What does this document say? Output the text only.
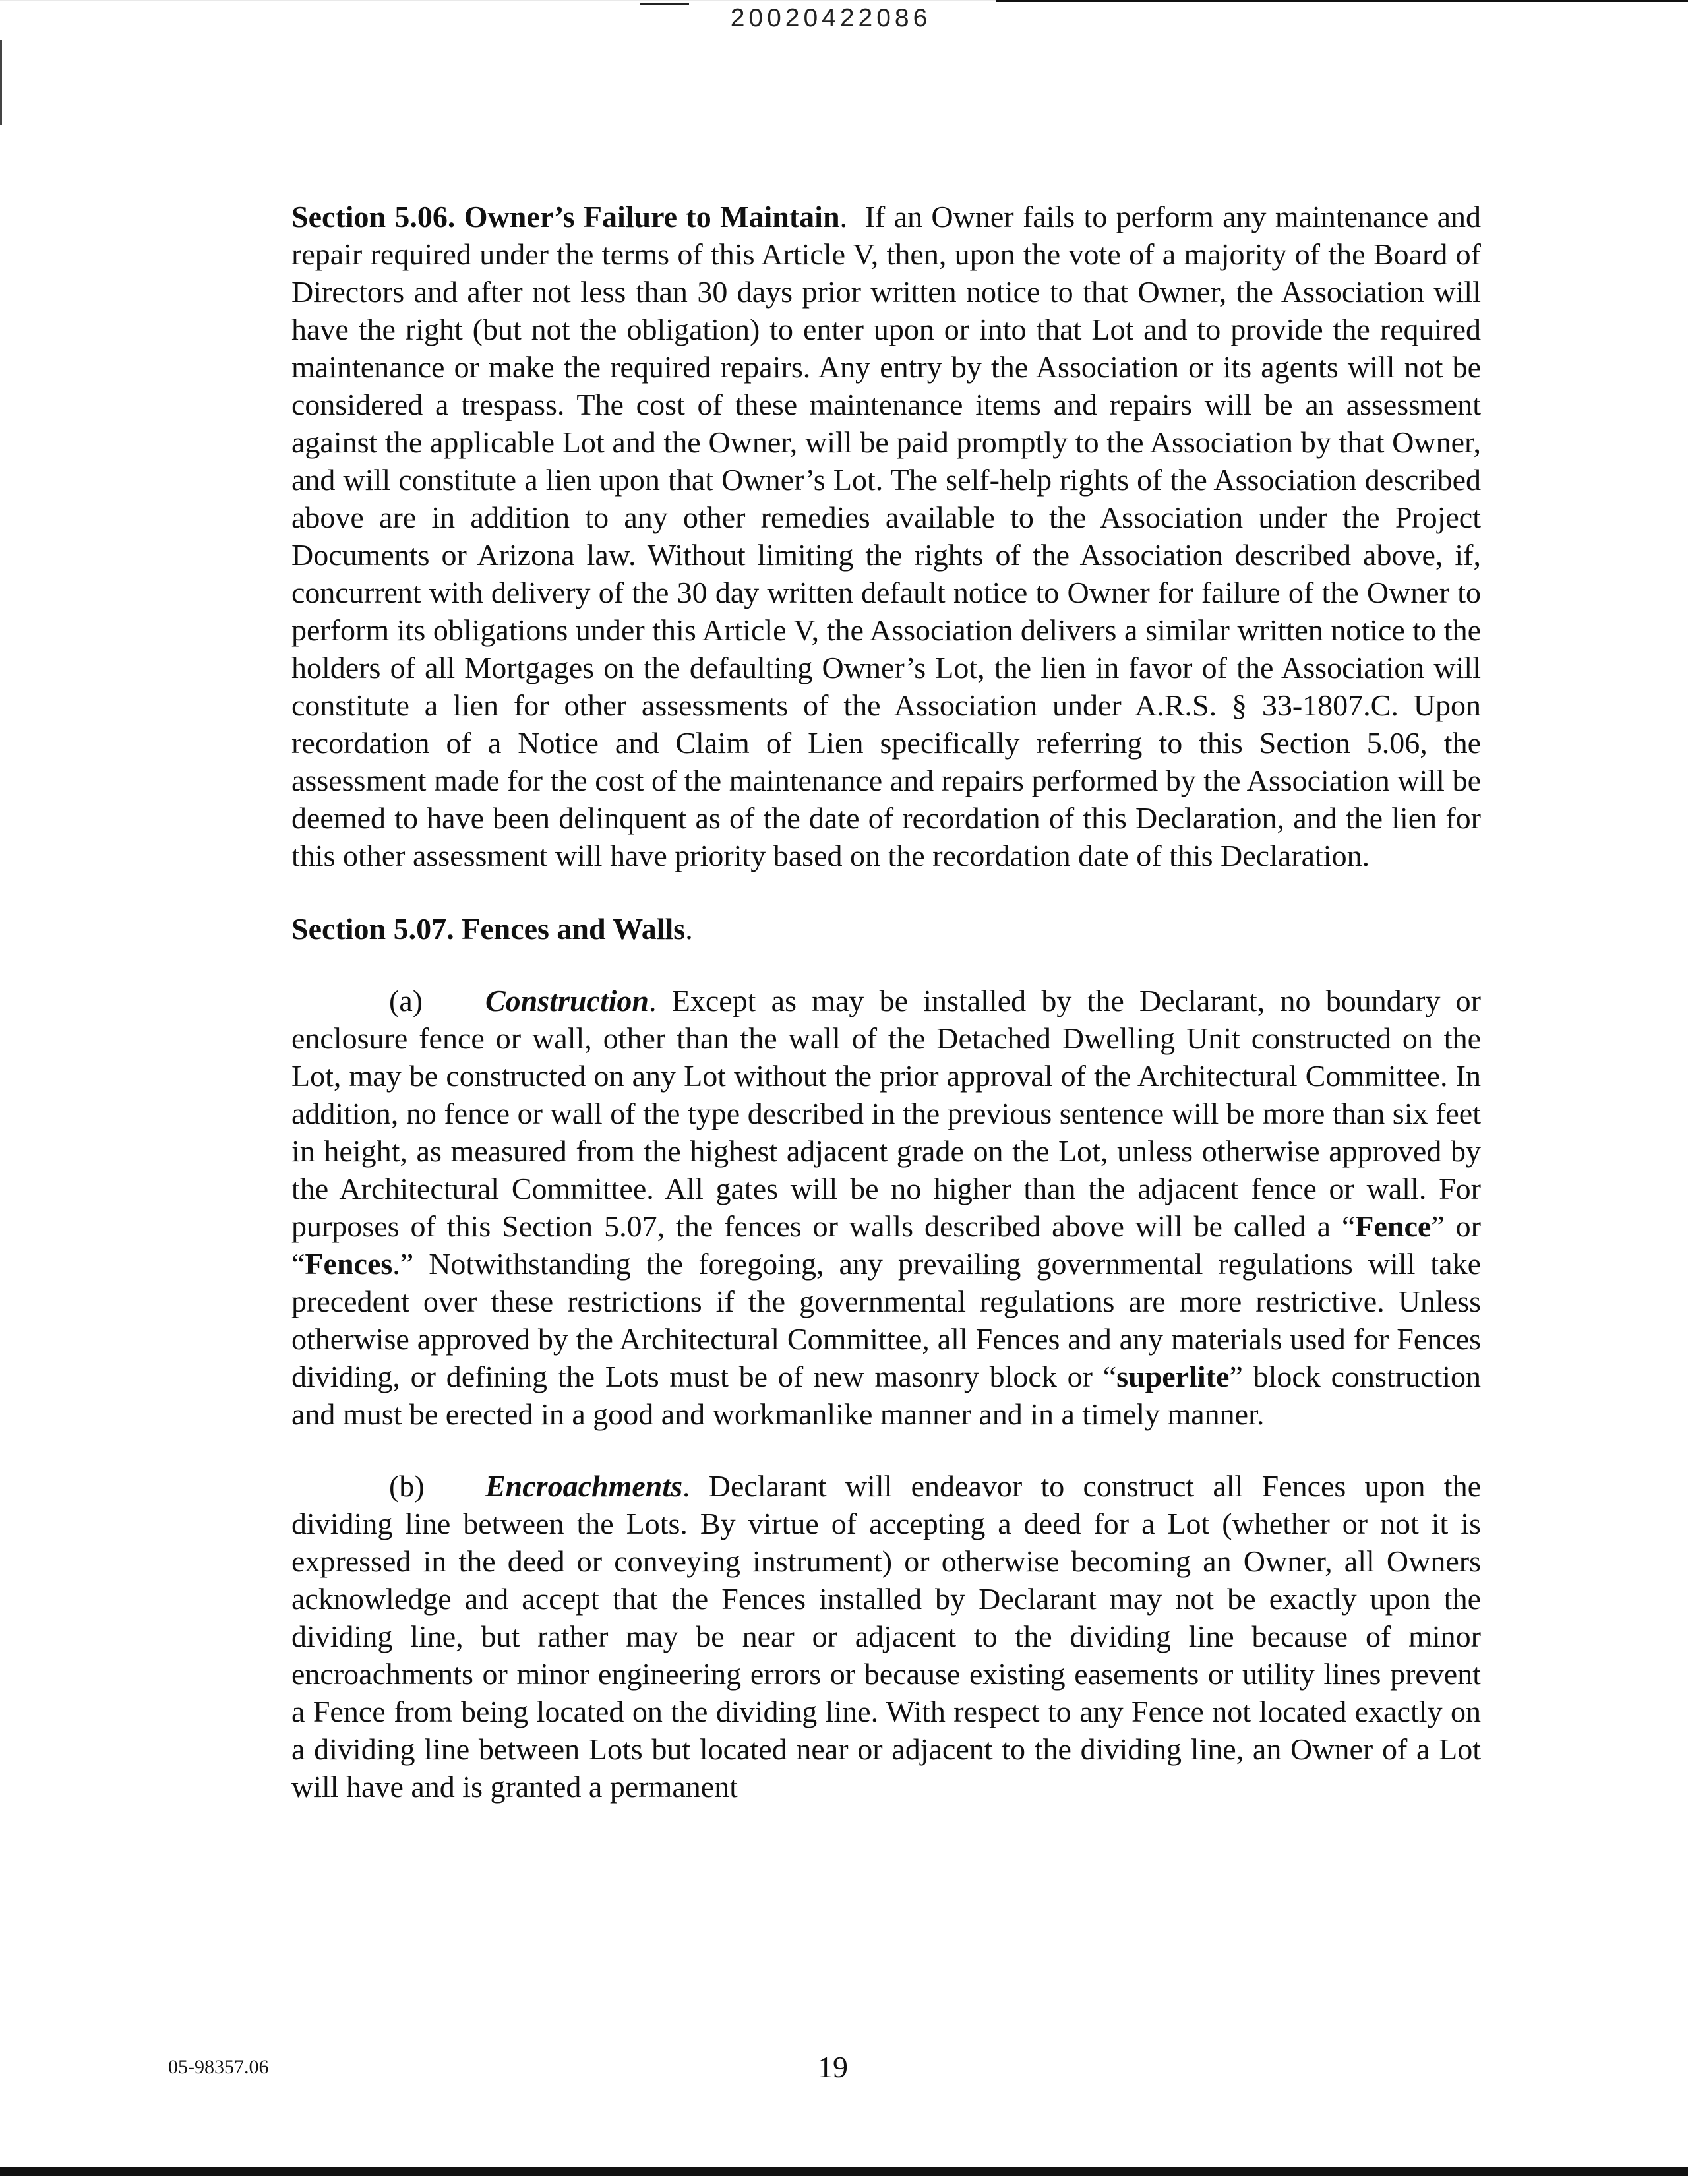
20020422086

Section 5.06. Owner’s Failure to Maintain. If an Owner fails to perform any maintenance and repair required under the terms of this Article V, then, upon the vote of a majority of the Board of Directors and after not less than 30 days prior written notice to that Owner, the Association will have the right (but not the obligation) to enter upon or into that Lot and to provide the required maintenance or make the required repairs. Any entry by the Association or its agents will not be considered a trespass. The cost of these maintenance items and repairs will be an assessment against the applicable Lot and the Owner, will be paid promptly to the Association by that Owner, and will constitute a lien upon that Owner’s Lot. The self-help rights of the Association described above are in addition to any other remedies available to the Association under the Project Documents or Arizona law. Without limiting the rights of the Association described above, if, concurrent with delivery of the 30 day written default notice to Owner for failure of the Owner to perform its obligations under this Article V, the Association delivers a similar written notice to the holders of all Mortgages on the defaulting Owner’s Lot, the lien in favor of the Association will constitute a lien for other assessments of the Association under A.R.S. § 33-1807.C. Upon recordation of a Notice and Claim of Lien specifically referring to this Section 5.06, the assessment made for the cost of the maintenance and repairs performed by the Association will be deemed to have been delinquent as of the date of recordation of this Declaration, and the lien for this other assessment will have priority based on the recordation date of this Declaration.

Section 5.07. Fences and Walls.

(a) Construction. Except as may be installed by the Declarant, no boundary or enclosure fence or wall, other than the wall of the Detached Dwelling Unit constructed on the Lot, may be constructed on any Lot without the prior approval of the Architectural Committee. In addition, no fence or wall of the type described in the previous sentence will be more than six feet in height, as measured from the highest adjacent grade on the Lot, unless otherwise approved by the Architectural Committee. All gates will be no higher than the adjacent fence or wall. For purposes of this Section 5.07, the fences or walls described above will be called a “Fence” or “Fences.” Notwithstanding the foregoing, any prevailing governmental regulations will take precedent over these restrictions if the governmental regulations are more restrictive. Unless otherwise approved by the Architectural Committee, all Fences and any materials used for Fences dividing, or defining the Lots must be of new masonry block or “superlite” block construction and must be erected in a good and workmanlike manner and in a timely manner.

(b) Encroachments. Declarant will endeavor to construct all Fences upon the dividing line between the Lots. By virtue of accepting a deed for a Lot (whether or not it is expressed in the deed or conveying instrument) or otherwise becoming an Owner, all Owners acknowledge and accept that the Fences installed by Declarant may not be exactly upon the dividing line, but rather may be near or adjacent to the dividing line because of minor encroachments or minor engineering errors or because existing easements or utility lines prevent a Fence from being located on the dividing line. With respect to any Fence not located exactly on a dividing line between Lots but located near or adjacent to the dividing line, an Owner of a Lot will have and is granted a permanent

05-98357.06	19
